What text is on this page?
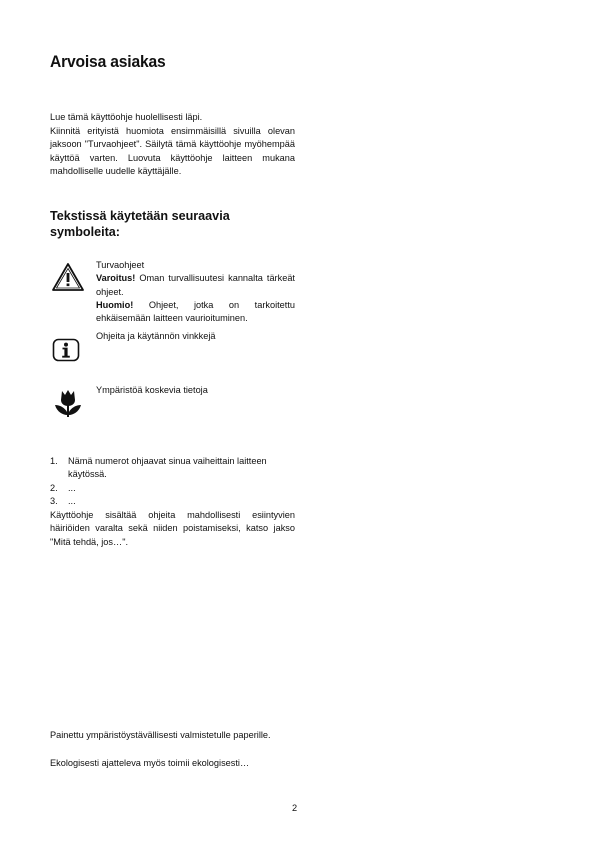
Arvoisa asiakas

Lue tämä käyttöohje huolellisesti läpi.

Kiinnitä erityistä huomiota ensimmäisillä sivuilla olevan jaksoon "Turvaohjeet". Säilytä tämä käyttöohje myöhempää käyttöä varten. Luovuta käyttöohje laitteen mukana mahdolliselle uudelle käyttäjälle.

Tekstissä käytetään seuraavia symboleita:

Turvaohjeet

Varoitus! Oman turvallisuutesi kannalta tärkeät ohjeet.

Huomio! Ohjeet, jotka on tarkoitettu ehkäisemään laitteen vaurioituminen.

Ohjeita ja käytännön vinkkejä

Ympäristöä koskevia tietoja

1. Nämä numerot ohjaavat sinua vaiheittain laitteen käytössä.
2. ...
3. ...

Käyttöohje sisältää ohjeita mahdollisesti esiintyvien häiriöiden varalta sekä niiden poistamiseksi, katso jakso "Mitä tehdä, jos…".

Painettu ympäristöystävällisesti valmistetulle paperille.

Ekologisesti ajatteleva myös toimii ekologisesti…

2
